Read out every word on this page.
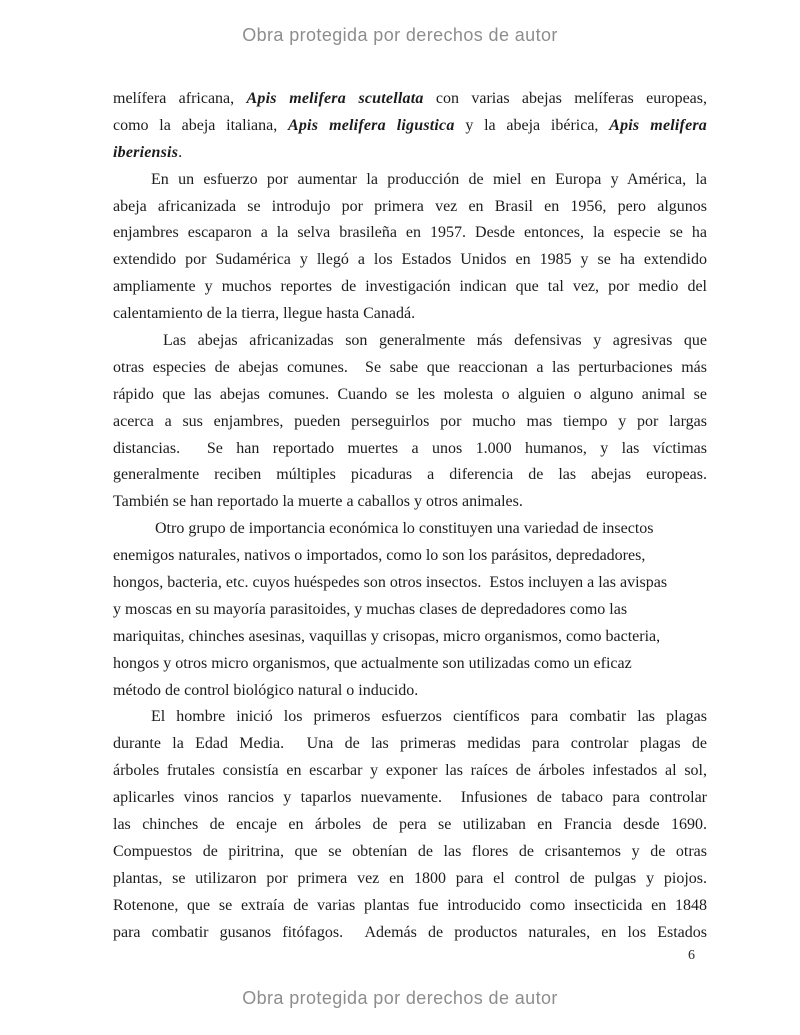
Obra protegida por derechos de autor
melífera africana, Apis melifera scutellata con varias abejas melíferas europeas,
como la abeja italiana, Apis melifera ligustica y la abeja ibérica, Apis melifera
iberiensis.
En un esfuerzo por aumentar la producción de miel en Europa y América, la
abeja africanizada se introdujo por primera vez en Brasil en 1956, pero algunos
enjambres escaparon a la selva brasileña en 1957. Desde entonces, la especie se ha
extendido por Sudamérica y llegó a los Estados Unidos en 1985 y se ha extendido
ampliamente y muchos reportes de investigación indican que tal vez, por medio del
calentamiento de la tierra, llegue hasta Canadá.
Las abejas africanizadas son generalmente más defensivas y agresivas que
otras especies de abejas comunes.  Se sabe que reaccionan a las perturbaciones más
rápido que las abejas comunes. Cuando se les molesta o alguien o alguno animal se
acerca a sus enjambres, pueden perseguirlos por mucho mas tiempo y por largas
distancias.  Se han reportado muertes a unos 1.000 humanos, y las víctimas
generalmente reciben múltiples picaduras a diferencia de las abejas europeas.
También se han reportado la muerte a caballos y otros animales.
Otro grupo de importancia económica lo constituyen una variedad de insectos
enemigos naturales, nativos o importados, como lo son los parásitos, depredadores,
hongos, bacteria, etc. cuyos huéspedes son otros insectos.  Estos incluyen a las avispas
y moscas en su mayoría parasitoides, y muchas clases de depredadores como las
mariquitas, chinches asesinas, vaquillas y crisopas, micro organismos, como bacteria,
hongos y otros micro organismos, que actualmente son utilizadas como un eficaz
método de control biológico natural o inducido.
El hombre inició los primeros esfuerzos científicos para combatir las plagas
durante la Edad Media.  Una de las primeras medidas para controlar plagas de
árboles frutales consistía en escarbar y exponer las raíces de árboles infestados al sol,
aplicarles vinos rancios y taparlos nuevamente.  Infusiones de tabaco para controlar
las chinches de encaje en árboles de pera se utilizaban en Francia desde 1690.
Compuestos de piritrina, que se obtenían de las flores de crisantemos y de otras
plantas, se utilizaron por primera vez en 1800 para el control de pulgas y piojos.
Rotenone, que se extraía de varias plantas fue introducido como insecticida en 1848
para combatir gusanos fitófagos.  Además de productos naturales, en los Estados
6
Obra protegida por derechos de autor
